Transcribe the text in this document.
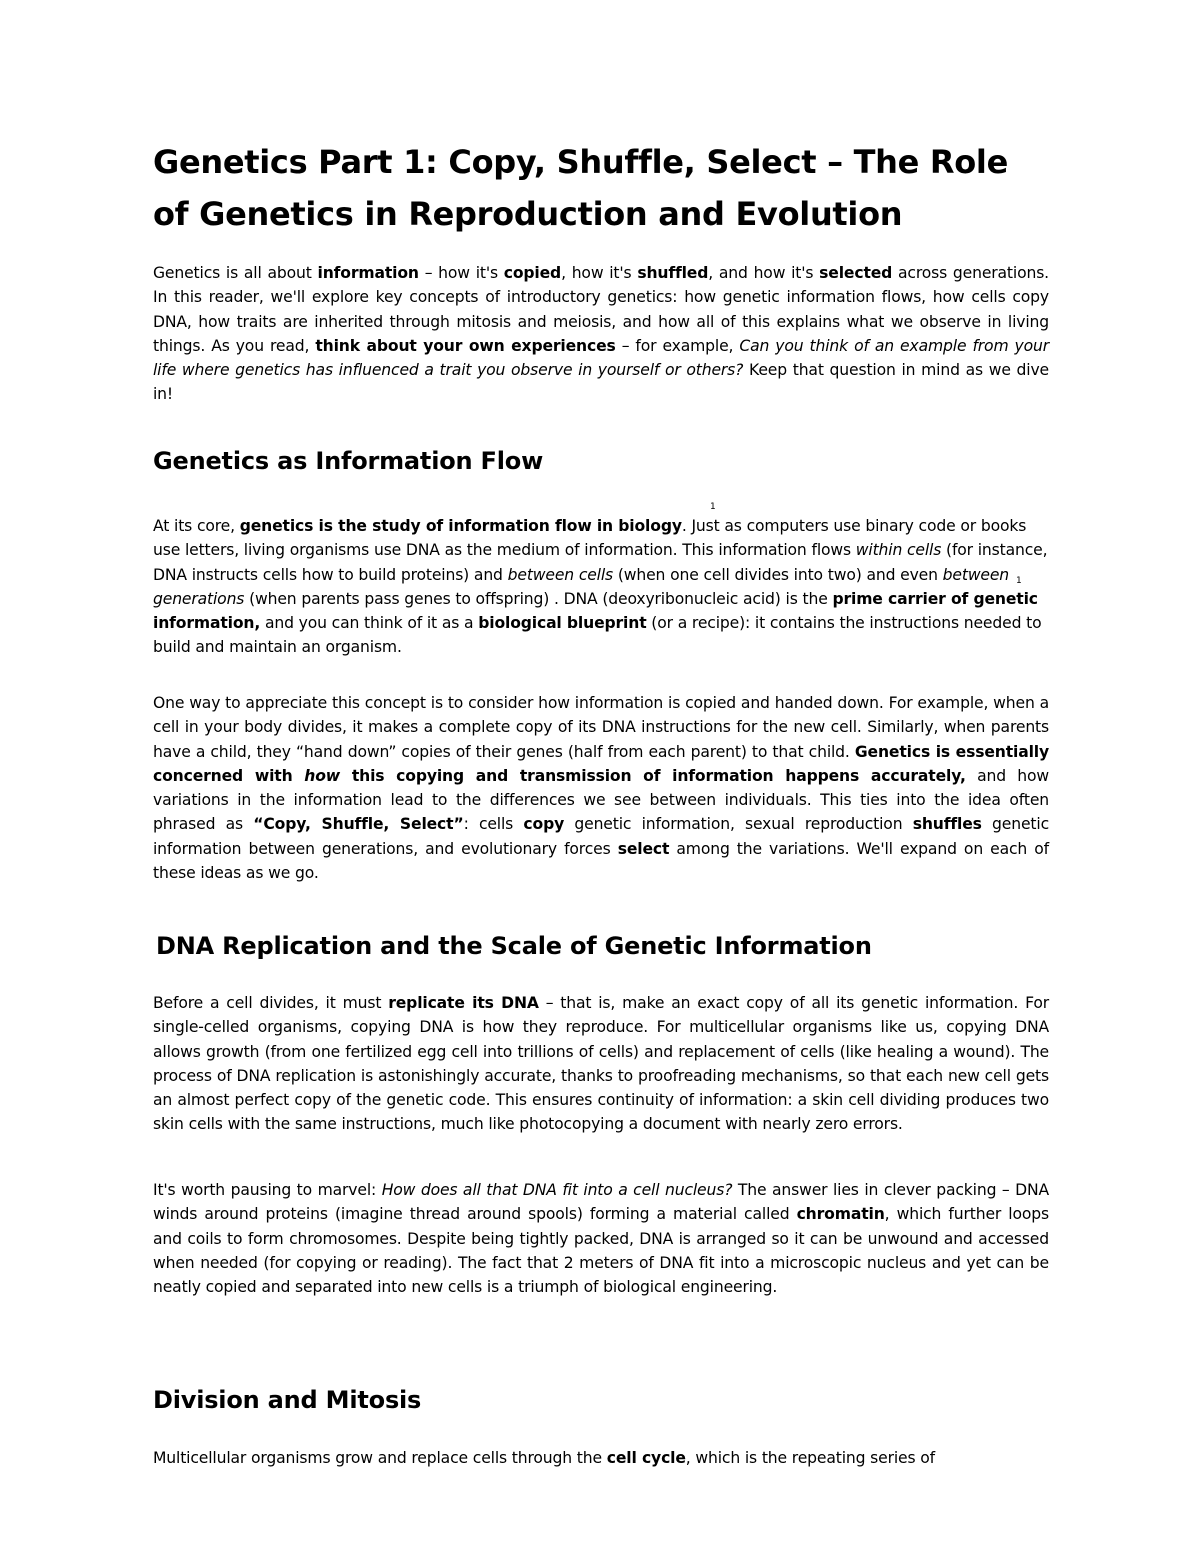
Genetics Part 1: Copy, Shuffle, Select – The Role of Genetics in Reproduction and Evolution

Genetics is all about information – how it's copied, how it's shuffled, and how it's selected across generations. In this reader, we'll explore key concepts of introductory genetics: how genetic information flows, how cells copy DNA, how traits are inherited through mitosis and meiosis, and how all of this explains what we observe in living things. As you read, think about your own experiences – for example, Can you think of an example from your life where genetics has influenced a trait you observe in yourself or others? Keep that question in mind as we dive in!

Genetics as Information Flow
1
1

At its core, genetics is the study of information flow in biology. Just as computers use binary code or books use letters, living organisms use DNA as the medium of information. This information flows within cells (for instance, DNA instructs cells how to build proteins) and between cells (when one cell divides into two) and even between generations (when parents pass genes to offspring) . DNA (deoxyribonucleic acid) is the prime carrier of genetic information, and you can think of it as a biological blueprint (or a recipe): it contains the instructions needed to build and maintain an organism.

One way to appreciate this concept is to consider how information is copied and handed down. For example, when a cell in your body divides, it makes a complete copy of its DNA instructions for the new cell. Similarly, when parents have a child, they “hand down” copies of their genes (half from each parent) to that child. Genetics is essentially concerned with how this copying and transmission of information happens accurately, and how variations in the information lead to the differences we see between individuals. This ties into the idea often phrased as “Copy, Shuffle, Select”: cells copy genetic information, sexual reproduction shuffles genetic information between generations, and evolutionary forces select among the variations. We'll expand on each of these ideas as we go.

DNA Replication and the Scale of Genetic Information

Before a cell divides, it must replicate its DNA – that is, make an exact copy of all its genetic information. For single-celled organisms, copying DNA is how they reproduce. For multicellular organisms like us, copying DNA allows growth (from one fertilized egg cell into trillions of cells) and replacement of cells (like healing a wound). The process of DNA replication is astonishingly accurate, thanks to proofreading mechanisms, so that each new cell gets an almost perfect copy of the genetic code. This ensures continuity of information: a skin cell dividing produces two skin cells with the same instructions, much like photocopying a document with nearly zero errors.

It's worth pausing to marvel: How does all that DNA fit into a cell nucleus? The answer lies in clever packing – DNA winds around proteins (imagine thread around spools) forming a material called chromatin, which further loops and coils to form chromosomes. Despite being tightly packed, DNA is arranged so it can be unwound and accessed when needed (for copying or reading). The fact that 2 meters of DNA fit into a microscopic nucleus and yet can be neatly copied and separated into new cells is a triumph of biological engineering.

Division and Mitosis

Multicellular organisms grow and replace cells through the cell cycle, which is the repeating series of
